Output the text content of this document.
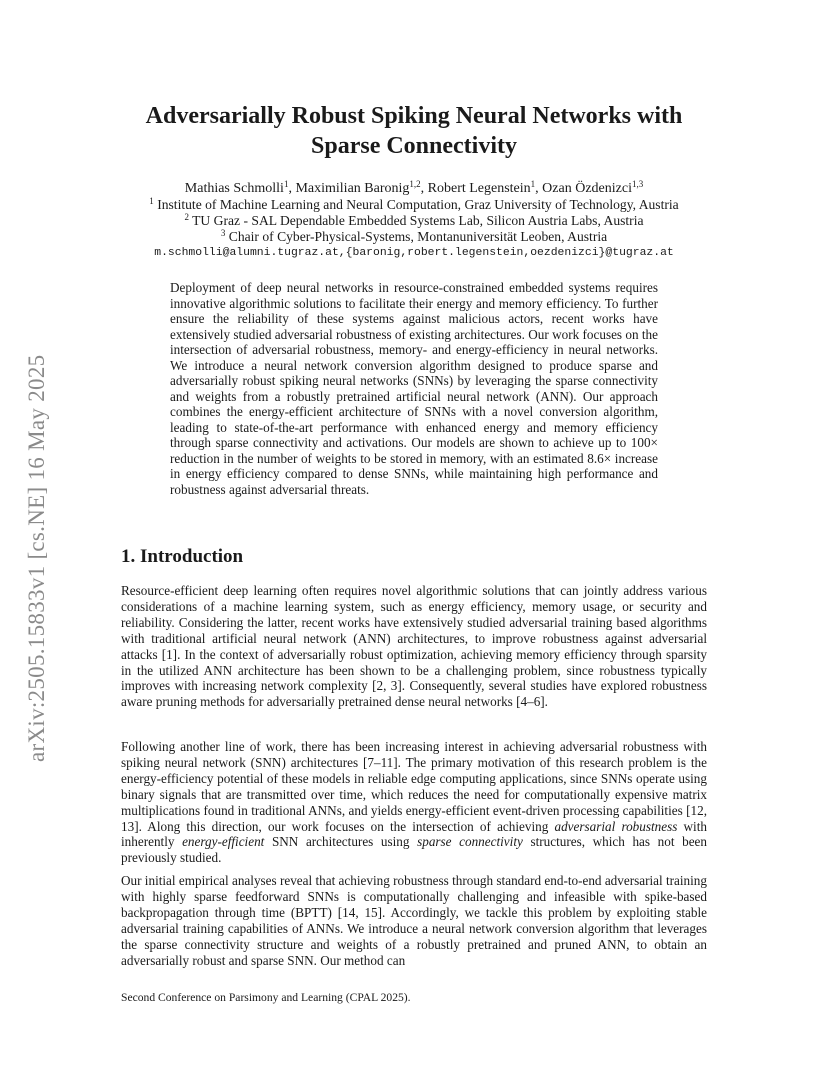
arXiv:2505.15833v1 [cs.NE] 16 May 2025
Adversarially Robust Spiking Neural Networks with
Sparse Connectivity
Mathias Schmolli$^1$, Maximilian Baronig$^{1,2}$, Robert Legenstein$^1$, Ozan Özdenizci$^{1,3}$
$^1$ Institute of Machine Learning and Neural Computation, Graz University of Technology, Austria
$^2$ TU Graz - SAL Dependable Embedded Systems Lab, Silicon Austria Labs, Austria
$^3$ Chair of Cyber-Physical-Systems, Montanuniversität Leoben, Austria
m.schmolli@alumni.tugraz.at,{baronig,robert.legenstein,oezdenizci}@tugraz.at
Deployment of deep neural networks in resource-constrained embedded systems requires innovative algorithmic solutions to facilitate their energy and memory efficiency. To further ensure the reliability of these systems against malicious actors, recent works have extensively studied adversarial robustness of existing architectures. Our work focuses on the intersection of adversarial robustness, memory- and energy-efficiency in neural networks. We introduce a neural network conversion algorithm designed to produce sparse and adversarially robust spiking neural networks (SNNs) by leveraging the sparse connectivity and weights from a robustly pretrained artificial neural network (ANN). Our approach combines the energy-efficient architecture of SNNs with a novel conversion algorithm, leading to state-of-the-art performance with enhanced energy and memory efficiency through sparse connectivity and activations. Our models are shown to achieve up to 100× reduction in the number of weights to be stored in memory, with an estimated 8.6× increase in energy efficiency compared to dense SNNs, while maintaining high performance and robustness against adversarial threats.
1. Introduction
Resource-efficient deep learning often requires novel algorithmic solutions that can jointly address various considerations of a machine learning system, such as energy efficiency, memory usage, or security and reliability. Considering the latter, recent works have extensively studied adversarial training based algorithms with traditional artificial neural network (ANN) architectures, to improve robustness against adversarial attacks [1]. In the context of adversarially robust optimization, achieving memory efficiency through sparsity in the utilized ANN architecture has been shown to be a challenging problem, since robustness typically improves with increasing network complexity [2, 3]. Consequently, several studies have explored robustness aware pruning methods for adversarially pretrained dense neural networks [4–6].
Following another line of work, there has been increasing interest in achieving adversarial robustness with spiking neural network (SNN) architectures [7–11]. The primary motivation of this research problem is the energy-efficiency potential of these models in reliable edge computing applications, since SNNs operate using binary signals that are transmitted over time, which reduces the need for computationally expensive matrix multiplications found in traditional ANNs, and yields energy-efficient event-driven processing capabilities [12, 13]. Along this direction, our work focuses on the intersection of achieving adversarial robustness with inherently energy-efficient SNN architectures using sparse connectivity structures, which has not been previously studied.
Our initial empirical analyses reveal that achieving robustness through standard end-to-end adversarial training with highly sparse feedforward SNNs is computationally challenging and infeasible with spike-based backpropagation through time (BPTT) [14, 15]. Accordingly, we tackle this problem by exploiting stable adversarial training capabilities of ANNs. We introduce a neural network conversion algorithm that leverages the sparse connectivity structure and weights of a robustly pretrained and pruned ANN, to obtain an adversarially robust and sparse SNN. Our method can
Second Conference on Parsimony and Learning (CPAL 2025).
